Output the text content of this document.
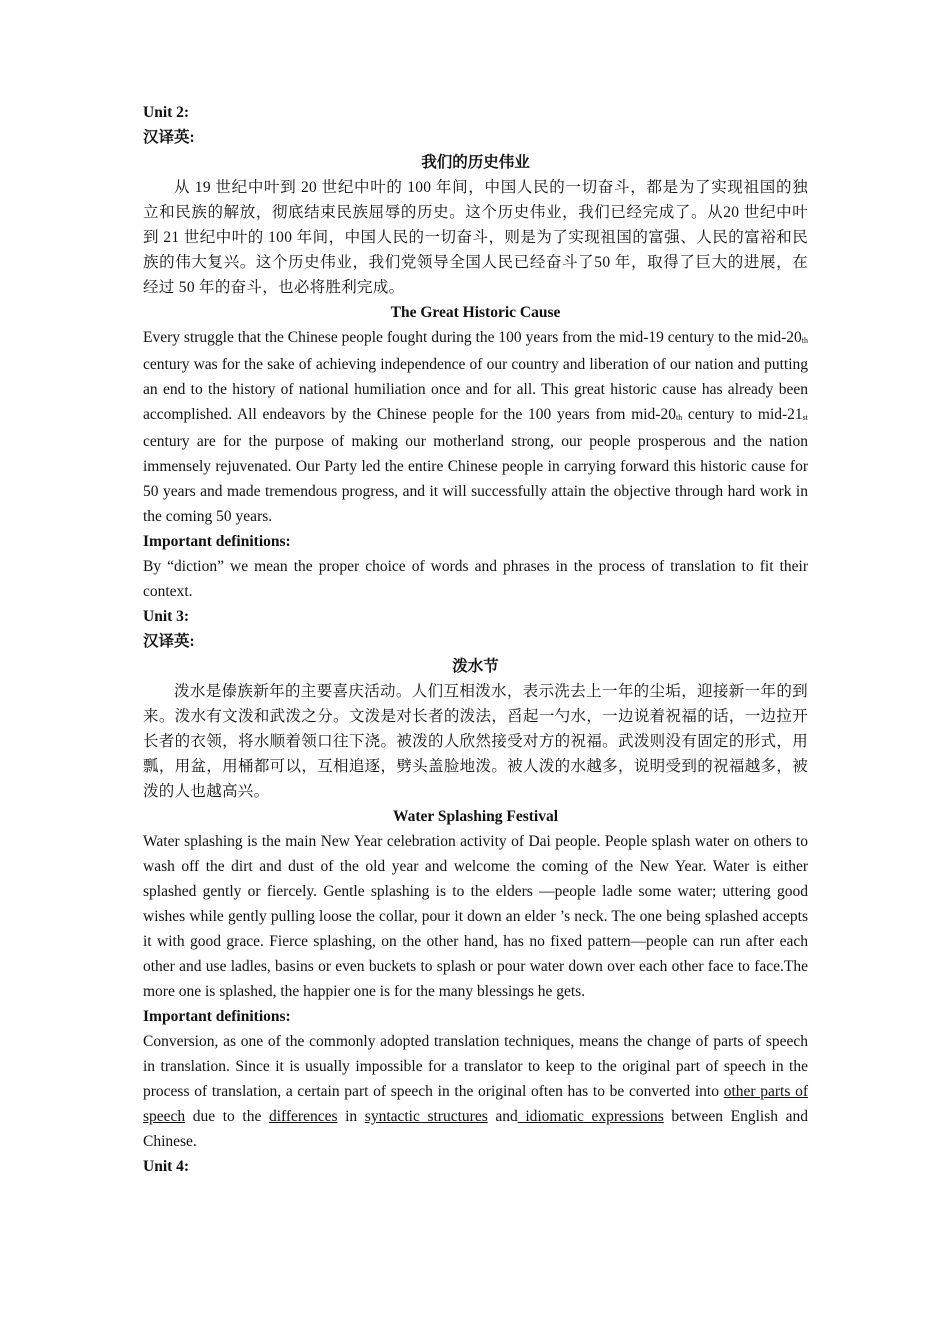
Unit 2:

汉译英:

我们的历史伟业

从 19 世纪中叶到 20 世纪中叶的 100 年间，中国人民的一切奋斗，都是为了实现祖国的独立和民族的解放，彻底结束民族屈辱的历史。这个历史伟业，我们已经完成了。从20 世纪中叶到 21 世纪中叶的 100 年间，中国人民的一切奋斗，则是为了实现祖国的富强、人民的富裕和民族的伟大复兴。这个历史伟业，我们党领导全国人民已经奋斗了50 年，取得了巨大的进展，在经过 50 年的奋斗，也必将胜利完成。

The Great Historic Cause

Every struggle that the Chinese people fought during the 100 years from the mid-19 century to the mid-20th century was for the sake of achieving independence of our country and liberation of our nation and putting an end to the history of national humiliation once and for all. This great historic cause has already been accomplished. All endeavors by the Chinese people for the 100 years from mid-20th century to mid-21st century are for the purpose of making our motherland strong, our people prosperous and the nation immensely rejuvenated. Our Party led the entire Chinese people in carrying forward this historic cause for 50 years and made tremendous progress, and it will successfully attain the objective through hard work in the coming 50 years.

Important definitions:

By “diction” we mean the proper choice of words and phrases in the process of translation to fit their context.

Unit 3:

汉译英:

泼水节

泼水是傣族新年的主要喜庆活动。人们互相泼水，表示洗去上一年的尘垢，迎接新一年的到来。泼水有文泼和武泼之分。文泼是对长者的泼法，舀起一勺水，一边说着祝福的话，一边拉开长者的衣领，将水顺着领口往下浇。被泼的人欣然接受对方的祝福。武泼则没有固定的形式，用瓢，用盆，用桶都可以，互相追逐，劈头盖脸地泼。被人泼的水越多，说明受到的祝福越多，被泼的人也越高兴。

Water Splashing Festival

Water splashing is the main New Year celebration activity of Dai people. People splash water on others to wash off the dirt and dust of the old year and welcome the coming of the New Year. Water is either splashed gently or fiercely. Gentle splashing is to the elders —people ladle some water; uttering good wishes while gently pulling loose the collar, pour it down an elder ’s neck. The one being splashed accepts it with good grace. Fierce splashing, on the other hand, has no fixed pattern—people can run after each other and use ladles, basins or even buckets to splash or pour water down over each other face to face.The more one is splashed, the happier one is for the many blessings he gets.

Important definitions:

Conversion, as one of the commonly adopted translation techniques, means the change of parts of speech in translation. Since it is usually impossible for a translator to keep to the original part of speech in the process of translation, a certain part of speech in the original often has to be converted into other parts of speech due to the differences in syntactic structures and idiomatic expressions between English and Chinese.

Unit 4:
